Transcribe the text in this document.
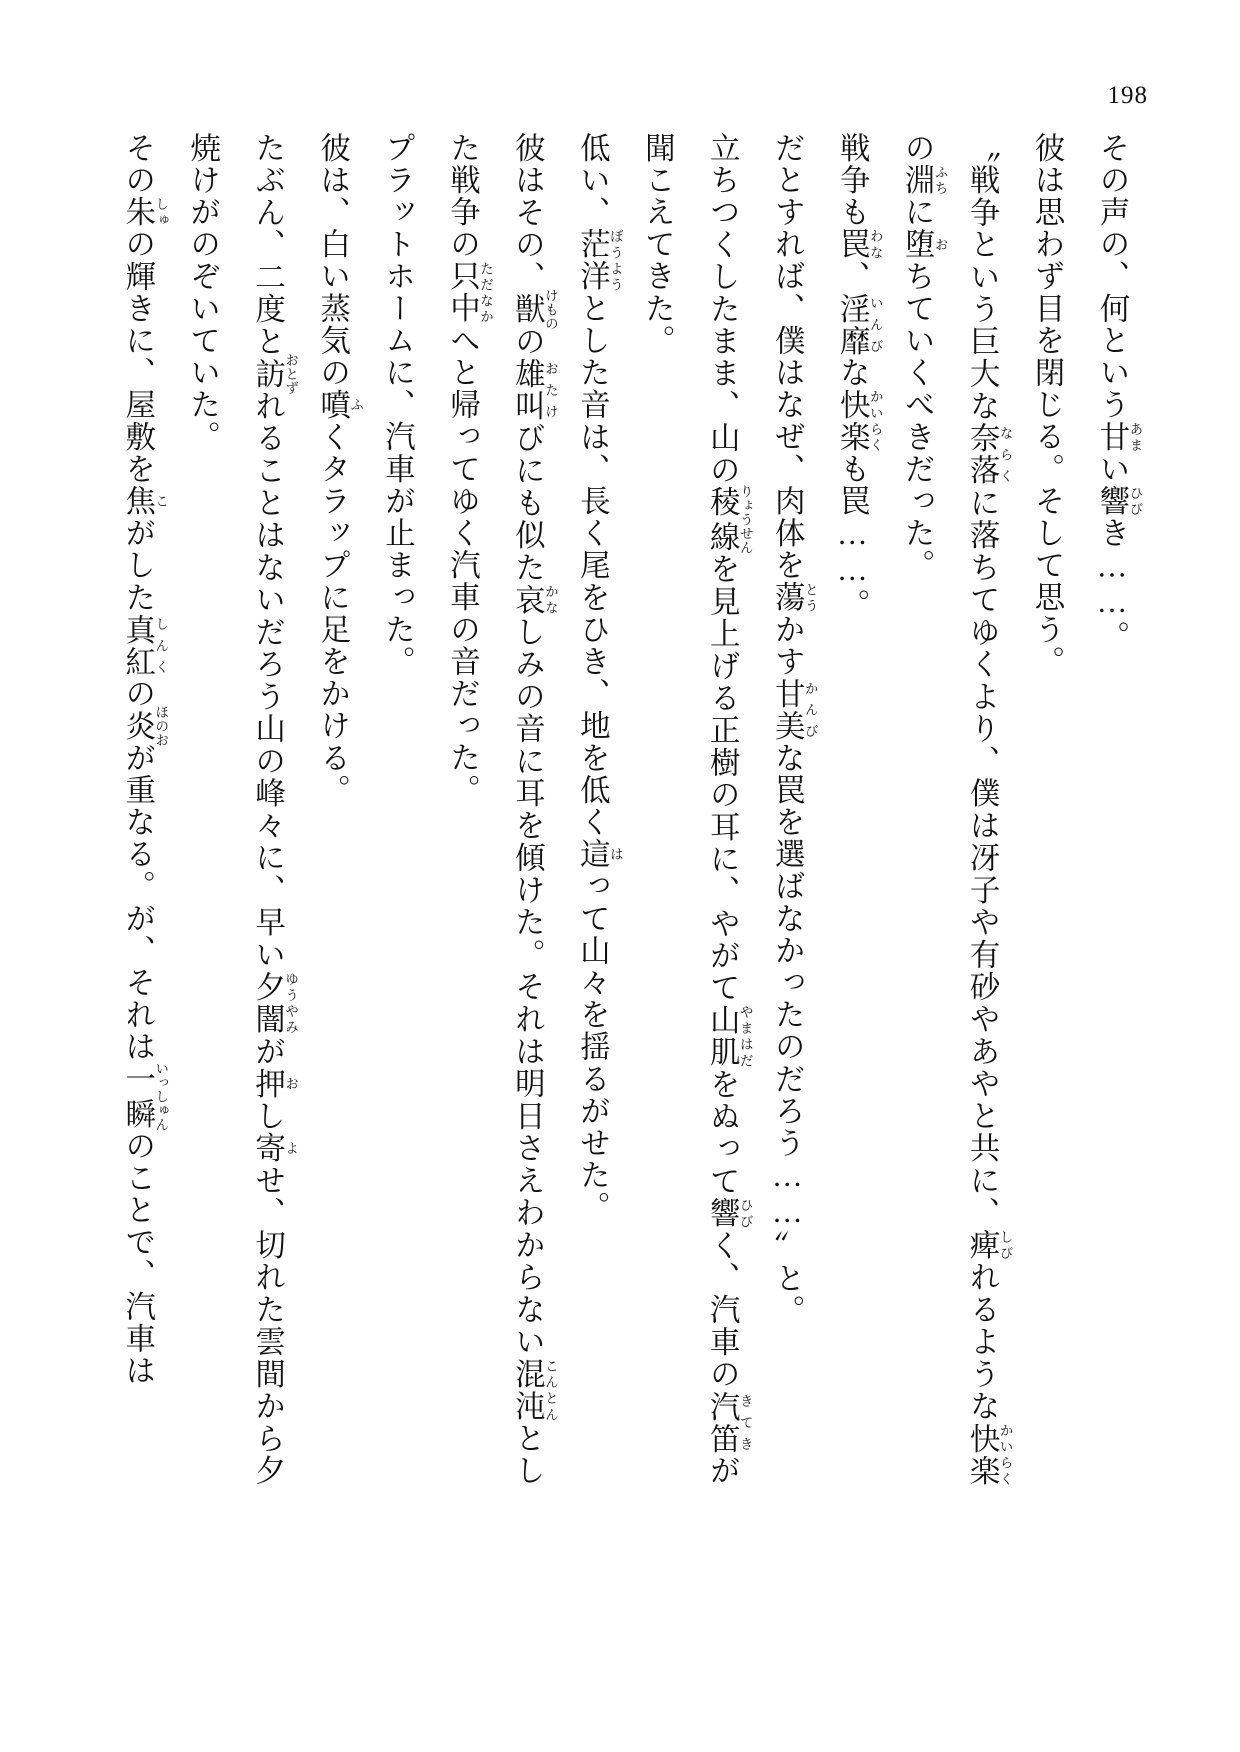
198

その声の、何という甘あまい響ひびき……。

彼は思わず目を閉じる。そして思う。

〝戦争という巨大な奈落ならくに落ちてゆくより、僕は冴子や有砂やあやと共に、痺しびれるような快楽かいらくの淵ふちに堕おちていくべきだった。

戦争も罠わな、淫靡いんびな快楽かいらくも罠……。

だとすれば、僕はなぜ、肉体を蕩とうかす甘美かんびな罠を選ばなかったのだろう……〟と。

立ちつくしたまま、山の稜線りょうせんを見上げる正樹の耳に、やがて山肌やまはだをぬって響ひびく、汽車の汽笛きてきが聞こえてきた。

低い、茫洋ぼうようとした音は、長く尾をひき、地を低く這はって山々を揺るがせた。

彼はその、獣けものの雄叫おたけびにも似た哀かなしみの音に耳を傾けた。それは明日さえわからない混沌こんとんとした戦争の只中ただなかへと帰ってゆく汽車の音だった。

プラットホームに、汽車が止まった。

彼は、白い蒸気の噴ふくタラップに足をかける。

たぶん、二度と訪おとずれることはないだろう山の峰々に、早い夕闇ゆうやみが押おし寄よせ、切れた雲間から夕焼けがのぞいていた。

その朱しゅの輝きに、屋敷を焦こがした真紅しんくの炎ほのおが重なる。が、それは一瞬いっしゅんのことで、汽車は
